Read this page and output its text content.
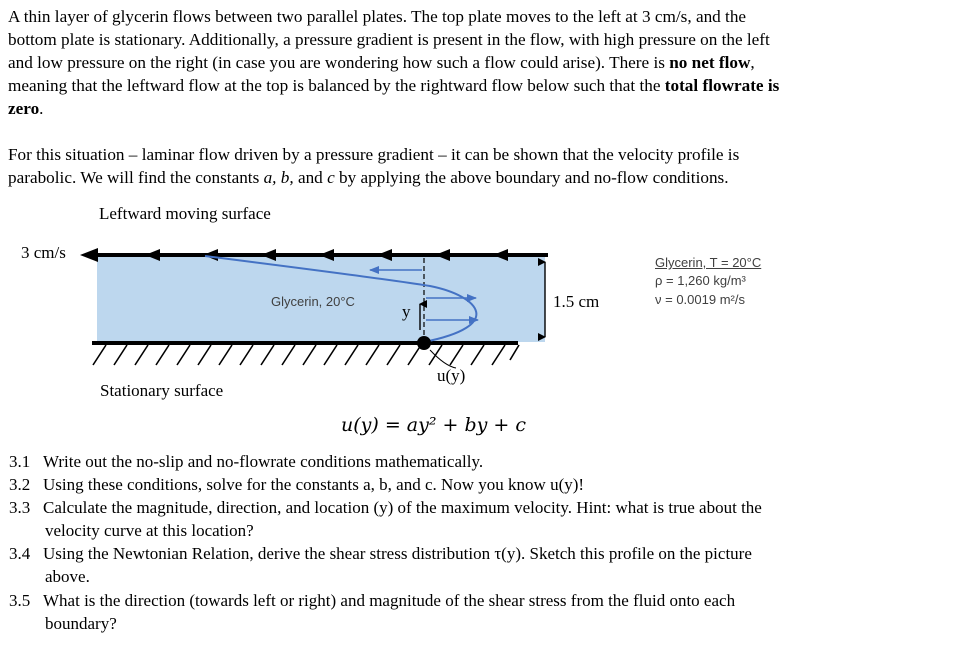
A thin layer of glycerin flows between two parallel plates. The top plate moves to the left at 3 cm/s, and the
bottom plate is stationary. Additionally, a pressure gradient is present in the flow, with high pressure on the left
and low pressure on the right (in case you are wondering how such a flow could arise). There is no net flow,
meaning that the leftward flow at the top is balanced by the rightward flow below such that the total flowrate is
zero.
For this situation – laminar flow driven by a pressure gradient – it can be shown that the velocity profile is
parabolic. We will find the constants a, b, and c by applying the above boundary and no-flow conditions.
Leftward moving surface
3 cm/s
Glycerin, 20°C
y
1.5 cm
u(y)
Stationary surface
Glycerin, T = 20°C
ρ = 1,260 kg/m³
ν = 0.0019 m²/s
u(y) = ay² + by + c
3.1 Write out the no-slip and no-flowrate conditions mathematically.
3.2 Using these conditions, solve for the constants a, b, and c. Now you know u(y)!
3.3 Calculate the magnitude, direction, and location (y) of the maximum velocity. Hint: what is true about the
velocity curve at this location?
3.4 Using the Newtonian Relation, derive the shear stress distribution τ(y). Sketch this profile on the picture
above.
3.5 What is the direction (towards left or right) and magnitude of the shear stress from the fluid onto each
boundary?
